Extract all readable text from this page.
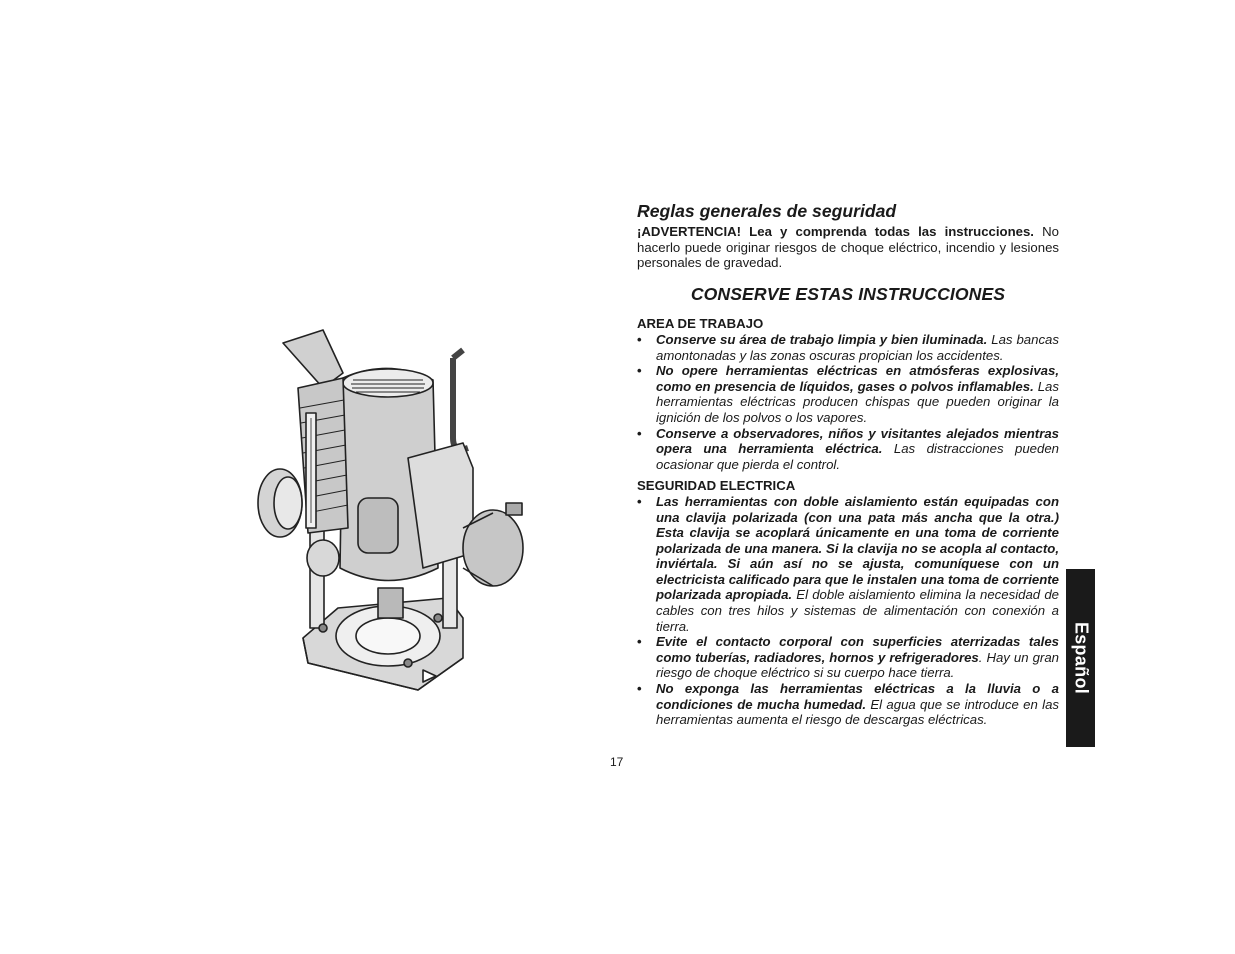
Reglas generales de seguridad

¡ADVERTENCIA! Lea y comprenda todas las instrucciones. No hacerlo puede originar riesgos de choque eléctrico, incendio y lesiones personales de gravedad.

CONSERVE ESTAS INSTRUCCIONES
AREA DE TRABAJO
• Conserve su área de trabajo limpia y bien iluminada. Las bancas amontonadas y las zonas oscuras propician los accidentes.
• No opere herramientas eléctricas en atmósferas explosivas, como en presencia de líquidos, gases o polvos inflamables. Las herramientas eléctricas producen chispas que pueden originar la ignición de los polvos o los vapores.
• Conserve a observadores, niños y visitantes alejados mientras opera una herramienta eléctrica. Las distracciones pueden ocasionar que pierda el control.
SEGURIDAD ELECTRICA
• Las herramientas con doble aislamiento están equipadas con una clavija polarizada (con una pata más ancha que la otra.) Esta clavija se acoplará únicamente en una toma de corriente polarizada de una manera. Si la clavija no se acopla al contacto, inviértala. Si aún así no se ajusta, comuníquese con un electricista calificado para que le instalen una toma de corriente polarizada apropiada. El doble aislamiento elimina la necesidad de cables con tres hilos y sistemas de alimentación con conexión a tierra.
• Evite el contacto corporal con superficies aterrizadas tales como tuberías, radiadores, hornos y refrigeradores. Hay un gran riesgo de choque eléctrico si su cuerpo hace tierra.
• No exponga las herramientas eléctricas a la lluvia o a condiciones de mucha humedad. El agua que se introduce en las herramientas aumenta el riesgo de descargas eléctricas.
17
Español
